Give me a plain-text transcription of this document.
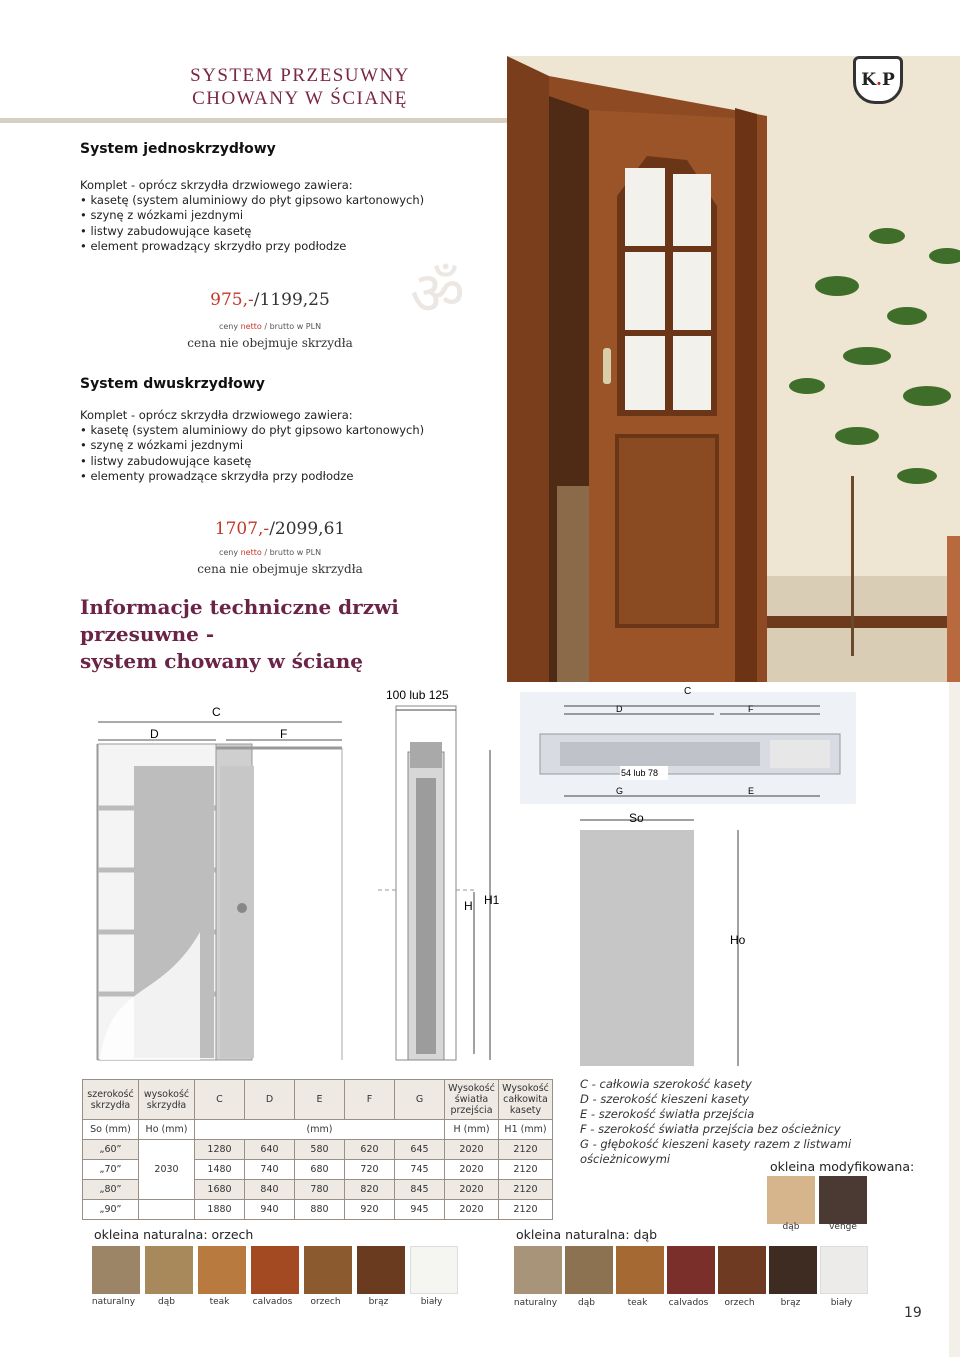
SYSTEM PRZESUWNY
CHOWANY W ŚCIANĘ
K . P
System jednoskrzydłowy
Komplet - oprócz skrzydła drzwiowego zawiera:
• kasetę (system aluminiowy do płyt gipsowo kartonowych)
• szynę z wózkami jezdnymi
• listwy zabudowujące kasetę
• element prowadzący skrzydło przy podłodze
975,-/1199,25
ceny netto / brutto w PLN
cena nie obejmuje skrzydła
ॐ
System dwuskrzydłowy
Komplet - oprócz skrzydła drzwiowego zawiera:
• kasetę (system aluminiowy do płyt gipsowo kartonowych)
• szynę z wózkami jezdnymi
• listwy zabudowujące kasetę
• elementy prowadzące skrzydła przy podłodze
1707,-/2099,61
ceny netto / brutto w PLN
cena nie obejmuje skrzydła
Informacje techniczne drzwi przesuwne -
system chowany w ścianę
C
D	F
100 lub 125
H H1
C
D	F
54 lub 78
G	E
So
Ho
szerokość skrzydła	wysokość skrzydła	C	D	E	F	G	Wysokość światła przejścia	Wysokość całkowita kasety
So (mm)	Ho (mm)	(mm)					H (mm)	H1 (mm)
„60”	2030	1280	640	580	620	645	2020	2120
„70”		1480	740	680	720	745	2020	2120
„80”		1680	840	780	820	845	2020	2120
„90”		1880	940	880	920	945	2020	2120
C - całkowia szerokość kasety
D - szerokość kieszeni kasety
E - szerokość światła przejścia
F - szerokość światła przejścia bez ościeżnicy
G - głębokość kieszeni kasety razem z listwami
ościeżnicowymi	okleina modyfikowana:
dąb	venge
okleina naturalna: orzech
naturalny	dąb	teak	calvados	orzech	brąz	biały
okleina naturalna: dąb
naturalny	dąb	teak	calvados	orzech	brąz	biały
19
